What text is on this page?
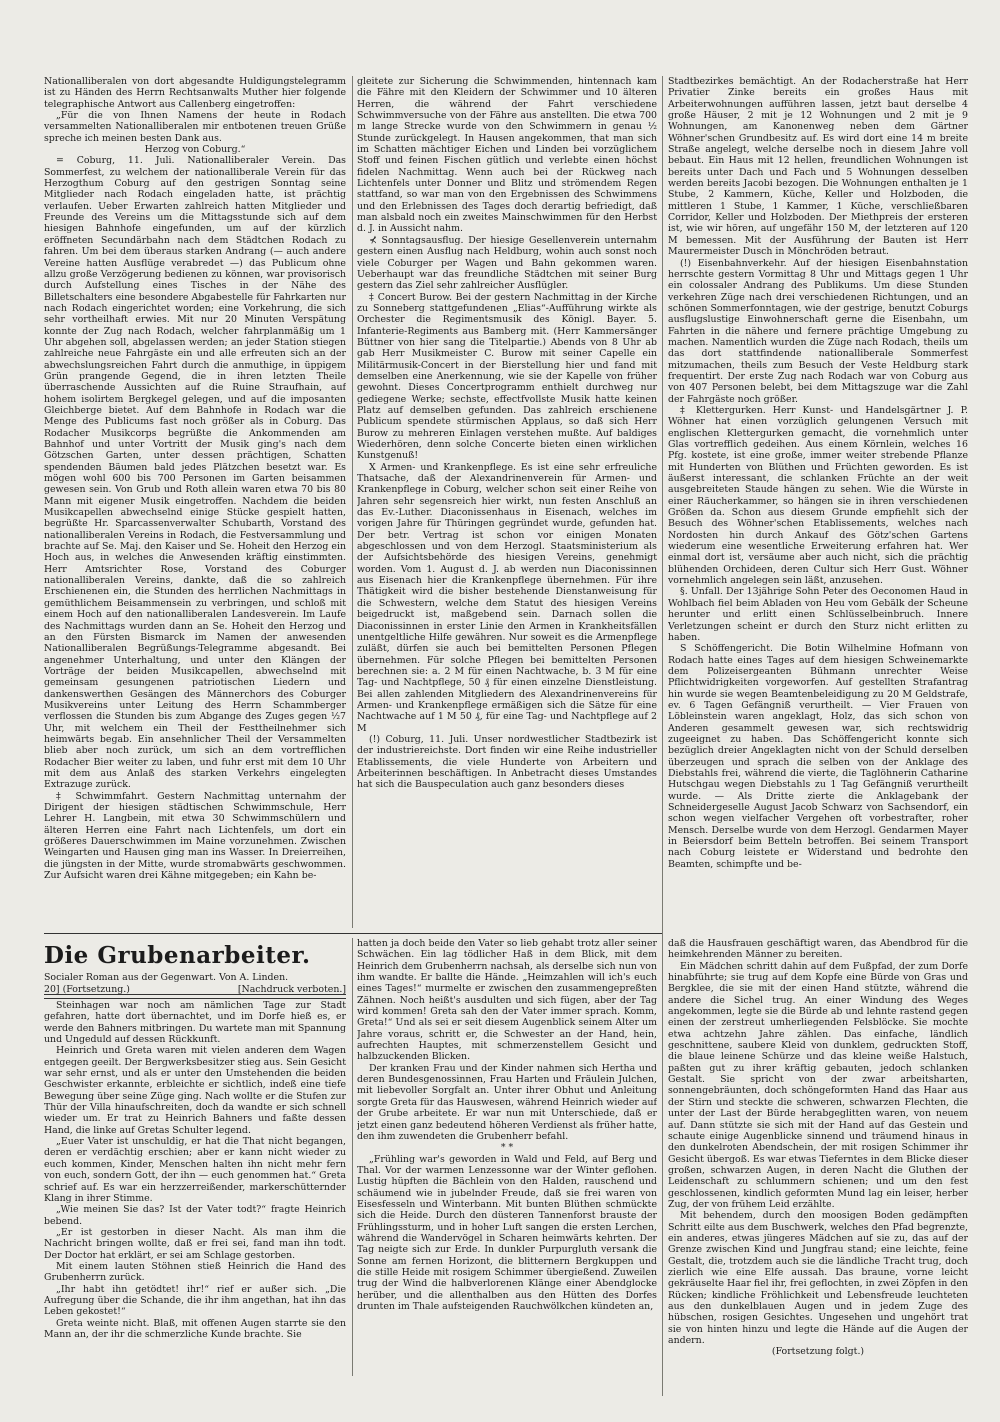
Nationalliberalen von dort abgesandte Huldigungstelegramm ist zu Händen des Herrn Rechtsanwalts Muther hier folgende telegraphische Antwort aus Callenberg eingetroffen:

„Für die von Ihnen Namens der heute in Rodach versammelten Nationalliberalen mir entbotenen treuen Grüße spreche ich meinen besten Dank aus.

Herzog von Coburg.“

= Coburg, 11. Juli. Nationalliberaler Verein. Das Sommerfest, zu welchem der nationalliberale Verein für das Herzogthum Coburg auf den gestrigen Sonntag seine Mitglieder nach Rodach eingeladen hatte, ist prächtig verlaufen. Ueber Erwarten zahlreich hatten Mitglieder und Freunde des Vereins um die Mittagsstunde sich auf dem hiesigen Bahnhofe eingefunden, um auf der kürzlich eröffneten Secundärbahn nach dem Städtchen Rodach zu fahren. Um bei dem überaus starken Andrang (— auch andere Vereine hatten Ausflüge verabredet —) das Publicum ohne allzu große Verzögerung bedienen zu können, war provisorisch durch Aufstellung eines Tisches in der Nähe des Billetschalters eine besondere Abgabestelle für Fahrkarten nur nach Rodach eingerichtet worden; eine Vorkehrung, die sich sehr vortheilhaft erwies. Mit nur 20 Minuten Verspätung konnte der Zug nach Rodach, welcher fahrplanmäßig um 1 Uhr abgehen soll, abgelassen werden; an jeder Station stiegen zahlreiche neue Fahrgäste ein und alle erfreuten sich an der abwechslungsreichen Fahrt durch die anmuthige, in üppigem Grün prangende Gegend, die in ihren letzten Theile überraschende Aussichten auf die Ruine Straufhain, auf hohem isolirtem Bergkegel gelegen, und auf die imposanten Gleichberge bietet. Auf dem Bahnhofe in Rodach war die Menge des Publicums fast noch größer als in Coburg. Das Rodacher Musikcorps begrüßte die Ankommenden am Bahnhof und unter Vortritt der Musik ging's nach dem Götzschen Garten, unter dessen prächtigen, Schatten spendenden Bäumen bald jedes Plätzchen besetzt war. Es mögen wohl 600 bis 700 Personen im Garten beisammen gewesen sein. Von Grub und Roth allein waren etwa 70 bis 80 Mann mit eigener Musik eingetroffen. Nachdem die beiden Musikcapellen abwechselnd einige Stücke gespielt hatten, begrüßte Hr. Sparcassenverwalter Schubarth, Vorstand des nationalliberalen Vereins in Rodach, die Festversammlung und brachte auf Se. Maj. den Kaiser und Se. Hoheit den Herzog ein Hoch aus, in welches die Anwesenden kräftig einstimmten. Herr Amtsrichter Rose, Vorstand des Coburger nationalliberalen Vereins, dankte, daß die so zahlreich Erschienenen ein, die Stunden des herrlichen Nachmittags in gemüthlichem Beisammensein zu verbringen, und schloß mit einem Hoch auf den nationalliberalen Landesverein. Im Laufe des Nachmittags wurden dann an Se. Hoheit den Herzog und an den Fürsten Bismarck im Namen der anwesenden Nationalliberalen Begrüßungs-Telegramme abgesandt. Bei angenehmer Unterhaltung, und unter den Klängen der Vorträge der beiden Musikcapellen, abwechselnd mit gemeinsam gesungenen patriotischen Liedern und dankenswerthen Gesängen des Männerchors des Coburger Musikvereins unter Leitung des Herrn Schammberger verflossen die Stunden bis zum Abgange des Zuges gegen ½7 Uhr, mit welchem ein Theil der Festtheilnehmer sich heimwärts begab. Ein ansehnlicher Theil der Versammelten blieb aber noch zurück, um sich an dem vortrefflichen Rodacher Bier weiter zu laben, und fuhr erst mit dem 10 Uhr mit dem aus Anlaß des starken Verkehrs eingelegten Extrazuge zurück.

‡ Schwimmfahrt. Gestern Nachmittag unternahm der Dirigent der hiesigen städtischen Schwimmschule, Herr Lehrer H. Langbein, mit etwa 30 Schwimmschülern und älteren Herren eine Fahrt nach Lichtenfels, um dort ein größeres Dauerschwimmen im Maine vorzunehmen. Zwischen Weingarten und Hausen ging man ins Wasser. In Dreierreihen, die jüngsten in der Mitte, wurde stromabwärts geschwommen. Zur Aufsicht waren drei Kähne mitgegeben; ein Kahn be-

gleitete zur Sicherung die Schwimmenden, hintennach kam die Fähre mit den Kleidern der Schwimmer und 10 älteren Herren, die während der Fahrt verschiedene Schwimmversuche von der Fähre aus anstellten. Die etwa 700 m lange Strecke wurde von den Schwimmern in genau ½ Stunde zurückgelegt. In Hausen angekommen, that man sich im Schatten mächtiger Eichen und Linden bei vorzüglichem Stoff und feinen Fischen gütlich und verlebte einen höchst fidelen Nachmittag. Wenn auch bei der Rückweg nach Lichtenfels unter Donner und Blitz und strömendem Regen stattfand, so war man von den Ergebnissen des Schwimmens und den Erlebnissen des Tages doch derartig befriedigt, daß man alsbald noch ein zweites Mainschwimmen für den Herbst d. J. in Aussicht nahm.

⊀ Sonntagsausflug. Der hiesige Gesellenverein unternahm gestern einen Ausflug nach Heldburg, wohin auch sonst noch viele Coburger per Wagen und Bahn gekommen waren. Ueberhaupt war das freundliche Städtchen mit seiner Burg gestern das Ziel sehr zahlreicher Ausflügler.

‡ Concert Burow. Bei der gestern Nachmittag in der Kirche zu Sonneberg stattgefundenen „Elias“-Aufführung wirkte als Orchester die Regimentsmusik des Königl. Bayer. 5. Infanterie-Regiments aus Bamberg mit. (Herr Kammersänger Büttner von hier sang die Titelpartie.) Abends von 8 Uhr ab gab Herr Musikmeister C. Burow mit seiner Capelle ein Militärmusik-Concert in der Bierstellung hier und fand mit demselben eine Anerkennung, wie sie der Kapelle von früher gewohnt. Dieses Concertprogramm enthielt durchweg nur gediegene Werke; sechste, effectfvollste Musik hatte keinen Platz auf demselben gefunden. Das zahlreich erschienene Publicum spendete stürmischen Applaus, so daß sich Herr Burow zu mehreren Einlagen verstehen mußte. Auf baldiges Wiederhören, denn solche Concerte bieten einen wirklichen Kunstgenuß!

X Armen- und Krankenpflege. Es ist eine sehr erfreuliche Thatsache, daß der Alexandrinenverein für Armen- und Krankenpflege in Coburg, welcher schon seit einer Reihe von Jahren sehr segensreich hier wirkt, nun festen Anschluß an das Ev.-Luther. Diaconissenhaus in Eisenach, welches im vorigen Jahre für Thüringen gegründet wurde, gefunden hat. Der betr. Vertrag ist schon vor einigen Monaten abgeschlossen und von dem Herzogl. Staatsministerium als der Aufsichtsbehörde des hiesigen Vereins, genehmigt worden. Vom 1. August d. J. ab werden nun Diaconissinnen aus Eisenach hier die Krankenpflege übernehmen. Für ihre Thätigkeit wird die bisher bestehende Dienstanweisung für die Schwestern, welche dem Statut des hiesigen Vereins beigedruckt ist, maßgebend sein. Darnach sollen die Diaconissinnen in erster Linie den Armen in Krankheitsfällen unentgeltliche Hilfe gewähren. Nur soweit es die Armenpflege zuläßt, dürfen sie auch bei bemittelten Personen Pflegen übernehmen. Für solche Pflegen bei bemittelten Personen berechnen sie: a. 2 M für einen Nachtwache, b. 3 M für eine Tag- und Nachtpflege, 50 ₰ für einen einzelne Dienstleistung. Bei allen zahlenden Mitgliedern des Alexandrinenvereins für Armen- und Krankenpflege ermäßigen sich die Sätze für eine Nachtwache auf 1 M 50 ₰, für eine Tag- und Nachtpflege auf 2 M

(!) Coburg, 11. Juli. Unser nordwestlicher Stadtbezirk ist der industriereichste. Dort finden wir eine Reihe industrieller Etablissements, die viele Hunderte von Arbeitern und Arbeiterinnen beschäftigen. In Anbetracht dieses Umstandes hat sich die Bauspeculation auch ganz besonders dieses

Stadtbezirkes bemächtigt. An der Rodacherstraße hat Herr Privatier Zinke bereits ein großes Haus mit Arbeiterwohnungen aufführen lassen, jetzt baut derselbe 4 große Häuser, 2 mit je 12 Wohnungen und 2 mit je 9 Wohnungen, am Kanonenweg neben dem Gärtner Wöhner'schen Grundbesitz auf. Es wird dort eine 14 m breite Straße angelegt, welche derselbe noch in diesem Jahre voll bebaut. Ein Haus mit 12 hellen, freundlichen Wohnungen ist bereits unter Dach und Fach und 5 Wohnungen desselben werden bereits Jacobi bezogen. Die Wohnungen enthalten je 1 Stube, 2 Kammern, Küche, Keller und Holzboden, die mittleren 1 Stube, 1 Kammer, 1 Küche, verschließbaren Corridor, Keller und Holzboden. Der Miethpreis der ersteren ist, wie wir hören, auf ungefähr 150 M, der letzteren auf 120 M bemessen. Mit der Ausführung der Bauten ist Herr Maurermeister Dusch in Mönchröden betraut.

(!) Eisenbahnverkehr. Auf der hiesigen Eisenbahnstation herrschte gestern Vormittag 8 Uhr und Mittags gegen 1 Uhr ein colossaler Andrang des Publikums. Um diese Stunden verkehren Züge nach drei verschiedenen Richtungen, und an schönen Sommerfonntagen, wie der gestrige, benutzt Coburgs ausflugslustige Einwohnerschaft gerne die Eisenbahn, um Fahrten in die nähere und fernere prächtige Umgebung zu machen. Namentlich wurden die Züge nach Rodach, theils um das dort stattfindende nationalliberale Sommerfest mitzumachen, theils zum Besuch der Veste Heldburg stark frequentirt. Der erste Zug nach Rodach war von Coburg aus von 407 Personen belebt, bei dem Mittagszuge war die Zahl der Fahrgäste noch größer.

‡ Klettergurken. Herr Kunst- und Handelsgärtner J. P. Wöhner hat einen vorzüglich gelungenen Versuch mit englischen Klettergurken gemacht, die vornehmlich unter Glas vortrefflich gedeihen. Aus einem Körnlein, welches 16 Pfg. kostete, ist eine große, immer weiter strebende Pflanze mit Hunderten von Blüthen und Früchten geworden. Es ist äußerst interessant, die schlanken Früchte an der weit ausgebreiteten Staude hängen zu sehen. Wie die Würste in einer Räucherkammer, so hängen sie in ihren verschiedenen Größen da. Schon aus diesem Grunde empfiehlt sich der Besuch des Wöhner'schen Etablissements, welches nach Nordosten hin durch Ankauf des Götz'schen Gartens wiederum eine wesentliche Erweiterung erfahren hat. Wer einmal dort ist, versäume aber auch nicht, sich die prächtig blühenden Orchideen, deren Cultur sich Herr Gust. Wöhner vornehmlich angelegen sein läßt, anzusehen.

§. Unfall. Der 13jährige Sohn Peter des Oeconomen Haud in Wohlbach fiel beim Abladen von Heu vom Gebälk der Scheune herunter und erlitt einen Schlüsselbeinbruch. Innere Verletzungen scheint er durch den Sturz nicht erlitten zu haben.

S Schöffengericht. Die Botin Wilhelmine Hofmann von Rodach hatte eines Tages auf dem hiesigen Schweinemarkte dem Polizeisergeanten Bühmann unrechter Weise Pflichtwidrigkeiten vorgeworfen. Auf gestellten Strafantrag hin wurde sie wegen Beamtenbeleidigung zu 20 M Geldstrafe, ev. 6 Tagen Gefängniß verurtheilt. — Vier Frauen von Löbleinstein waren angeklagt, Holz, das sich schon von Anderen gesammelt gewesen war, sich rechtswidrig zugeeignet zu haben. Das Schöffengericht konnte sich bezüglich dreier Angeklagten nicht von der Schuld derselben überzeugen und sprach die selben von der Anklage des Diebstahls frei, während die vierte, die Taglöhnerin Catharine Hutschgau wegen Diebstahls zu 1 Tag Gefängniß verurtheilt wurde. — Als Dritte zierte die Anklagebank der Schneidergeselle August Jacob Schwarz von Sachsendorf, ein schon wegen vielfacher Vergehen oft vorbestrafter, roher Mensch. Derselbe wurde von dem Herzogl. Gendarmen Mayer in Beiersdorf beim Betteln betroffen. Bei seinem Transport nach Coburg leistete er Widerstand und bedrohte den Beamten, schimpfte und be-

Die Grubenarbeiter.
Socialer Roman aus der Gegenwart. Von A. Linden.
20] (Fortsetzung.)	[Nachdruck verboten.]

Steinhagen war noch am nämlichen Tage zur Stadt gefahren, hatte dort übernachtet, und im Dorfe hieß es, er werde den Bahners mitbringen. Du wartete man mit Spannung und Ungeduld auf dessen Rückkunft.

Heinrich und Greta waren mit vielen anderen dem Wagen entgegen geeilt. Der Bergwerksbesitzer stieg aus. Sein Gesicht war sehr ernst, und als er unter den Umstehenden die beiden Geschwister erkannte, erbleichte er sichtlich, indeß eine tiefe Bewegung über seine Züge ging. Nach wollte er die Stufen zur Thür der Villa hinaufschreiten, doch da wandte er sich schnell wieder um. Er trat zu Heinrich Bahners und faßte dessen Hand, die linke auf Gretas Schulter legend.

„Euer Vater ist unschuldig, er hat die That nicht begangen, deren er verdächtig erschien; aber er kann nicht wieder zu euch kommen, Kinder, Menschen halten ihn nicht mehr fern von euch, sondern Gott, der ihn — euch genommen hat.“ Greta schrief auf. Es war ein herzzerreißender, markerschütternder Klang in ihrer Stimme.

„Wie meinen Sie das? Ist der Vater todt?“ fragte Heinrich bebend.

„Er ist gestorben in dieser Nacht. Als man ihm die Nachricht bringen wollte, daß er frei sei, fand man ihn todt. Der Doctor hat erklärt, er sei am Schlage gestorben.

Mit einem lauten Stöhnen stieß Heinrich die Hand des Grubenherrn zurück.

„Ihr habt ihn getödtet! ihr!“ rief er außer sich. „Die Aufregung über die Schande, die ihr ihm angethan, hat ihn das Leben gekostet!“

Greta weinte nicht. Blaß, mit offenen Augen starrte sie den Mann an, der ihr die schmerzliche Kunde brachte. Sie

hatten ja doch beide den Vater so lieb gehabt trotz aller seiner Schwächen. Ein lag tödlicher Haß in dem Blick, mit dem Heinrich dem Grubenherrn nachsah, als derselbe sich nun von ihm wandte. Er ballte die Hände. „Heimzahlen will ich's euch eines Tages!“ murmelte er zwischen den zusammengepreßten Zähnen. Noch heißt's ausdulten und sich fügen, aber der Tag wird kommen! Greta sah den der Vater immer sprach. Komm, Greta!“ Und als sei er seit diesem Augenblick seinem Alter um Jahre voraus, schritt er, die Schwester an der Hand, hein, aufrechten Hauptes, mit schmerzenstellem Gesicht und halbzuckenden Blicken.

Der kranken Frau und der Kinder nahmen sich Hertha und deren Bundesgenossinnen, Frau Harten und Fräulein Julchen, mit liebevoller Sorgfalt an. Unter ihrer Obhut und Anleitung sorgte Greta für das Hauswesen, während Heinrich wieder auf der Grube arbeitete. Er war nun mit Unterschiede, daß er jetzt einen ganz bedeutend höheren Verdienst als früher hatte, den ihm zuwendeten die Grubenherr befahl.

* *

„Frühling war's geworden in Wald und Feld, auf Berg und Thal. Vor der warmen Lenzessonne war der Winter geflohen. Lustig hüpften die Bächlein von den Halden, rauschend und schäumend wie in jubelnder Freude, daß sie frei waren von Eisesfesseln und Winterbann. Mit bunten Blüthen schmückte sich die Heide. Durch den düsteren Tannenforst brauste der Frühlingssturm, und in hoher Luft sangen die ersten Lerchen, während die Wandervögel in Scharen heimwärts kehrten. Der Tag neigte sich zur Erde. In dunkler Purpurgluth versank die Sonne am fernen Horizont, die blitternern Bergkuppen und die stille Heide mit rosigem Schimmer übergießend. Zuweilen trug der Wind die halbverlorenen Klänge einer Abendglocke herüber, und die allenthalben aus den Hütten des Dorfes drunten im Thale aufsteigenden Rauchwölkchen kündeten an,

daß die Hausfrauen geschäftigt waren, das Abendbrod für die heimkehrenden Männer zu bereiten.

Ein Mädchen schritt dahin auf dem Fußpfad, der zum Dorfe hinabführte; sie trug auf dem Kopfe eine Bürde von Gras und Bergklee, die sie mit der einen Hand stützte, während die andere die Sichel trug. An einer Windung des Weges angekommen, legte sie die Bürde ab und lehnte rastend gegen einen der zerstreut umherliegenden Felsblöcke. Sie mochte etwa achtzehn Jahre zählen. Das einfache, ländlich geschnittene, saubere Kleid von dunklem, gedruckten Stoff, die blaue leinene Schürze und das kleine weiße Halstuch, paßten gut zu ihrer kräftig gebauten, jedoch schlanken Gestalt. Sie spricht von der zwar arbeitsharten, sonnengebräunten, doch schöngeformten Hand das Haar aus der Stirn und steckte die schweren, schwarzen Flechten, die unter der Last der Bürde herabgeglitten waren, von neuem auf. Dann stützte sie sich mit der Hand auf das Gestein und schaute einige Augenblicke sinnend und träumend hinaus in den dunkelroten Abendschein, der mit rosigen Schimmer ihr Gesicht übergoß. Es war etwas Tieferntes in dem Blicke dieser großen, schwarzen Augen, in deren Nacht die Gluthen der Leidenschaft zu schlummern schienen; und um den fest geschlossenen, kindlich geformten Mund lag ein leiser, herber Zug, der von frühem Leid erzählte.

Mit behendem, durch den moosigen Boden gedämpften Schritt eilte aus dem Buschwerk, welches den Pfad begrenzte, ein anderes, etwas jüngeres Mädchen auf sie zu, das auf der Grenze zwischen Kind und Jungfrau stand; eine leichte, feine Gestalt, die, trotzdem auch sie die ländliche Tracht trug, doch zierlich wie eine Elfe aussah. Das braune, vorne leicht gekräuselte Haar fiel ihr, frei geflochten, in zwei Zöpfen in den Rücken; kindliche Fröhlichkeit und Lebensfreude leuchteten aus den dunkelblauen Augen und in jedem Zuge des hübschen, rosigen Gesichtes. Ungesehen und ungehört trat sie von hinten hinzu und legte die Hände auf die Augen der andern.

(Fortsetzung folgt.)
